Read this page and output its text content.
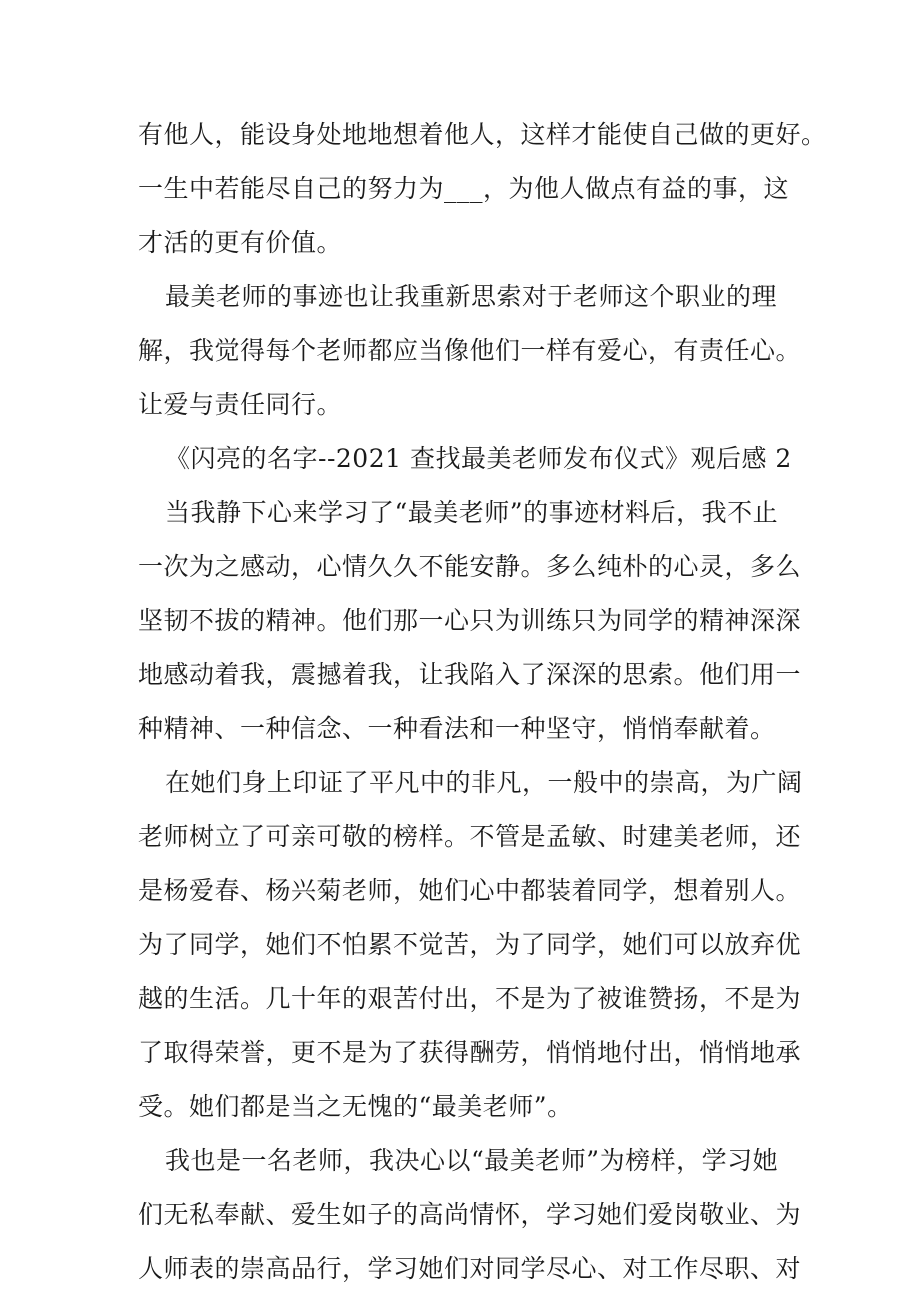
有他人，能设身处地地想着他人，这样才能使自己做的更好。
一生中若能尽自己的努力为___，为他人做点有益的事，这
才活的更有价值。
最美老师的事迹也让我重新思索对于老师这个职业的理
解，我觉得每个老师都应当像他们一样有爱心，有责任心。
让爱与责任同行。
《闪亮的名字--2021 查找最美老师发布仪式》观后感 2
当我静下心来学习了“最美老师”的事迹材料后，我不止
一次为之感动，心情久久不能安静。多么纯朴的心灵，多么
坚韧不拔的精神。他们那一心只为训练只为同学的精神深深
地感动着我，震撼着我，让我陷入了深深的思索。他们用一
种精神、一种信念、一种看法和一种坚守，悄悄奉献着。
在她们身上印证了平凡中的非凡，一般中的崇高，为广阔
老师树立了可亲可敬的榜样。不管是孟敏、时建美老师，还
是杨爱春、杨兴菊老师，她们心中都装着同学，想着别人。
为了同学，她们不怕累不觉苦，为了同学，她们可以放弃优
越的生活。几十年的艰苦付出，不是为了被谁赞扬，不是为
了取得荣誉，更不是为了获得酬劳，悄悄地付出，悄悄地承
受。她们都是当之无愧的“最美老师”。
我也是一名老师，我决心以“最美老师”为榜样，学习她
们无私奉献、爱生如子的高尚情怀，学习她们爱岗敬业、为
人师表的崇高品行，学习她们对同学尽心、对工作尽职、对
